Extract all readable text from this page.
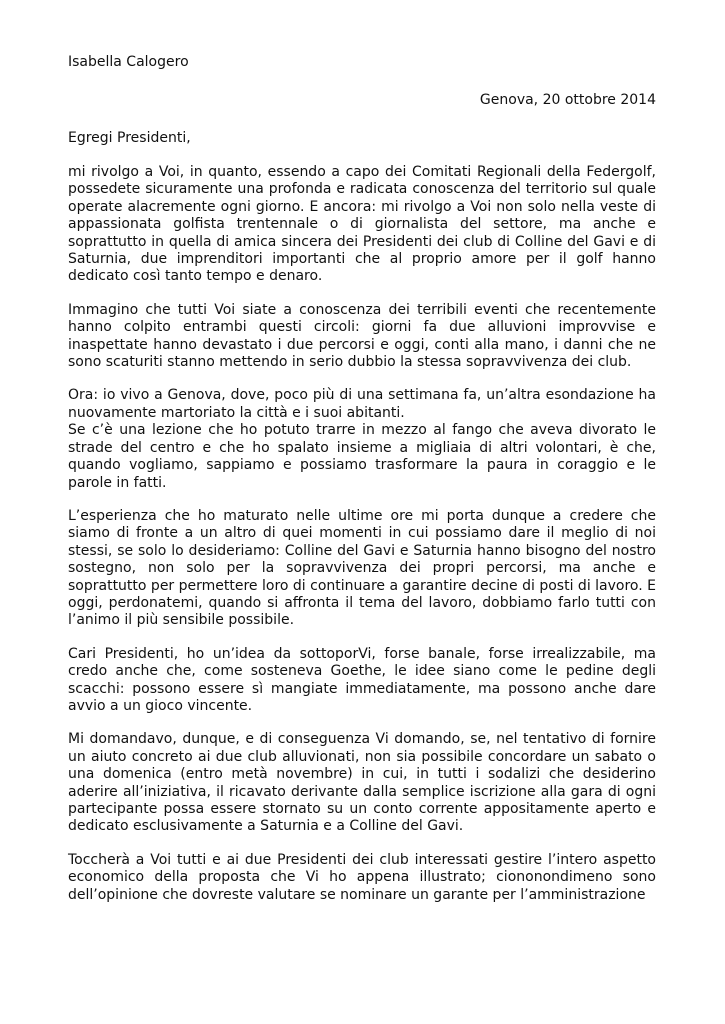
Isabella Calogero

Genova, 20 ottobre 2014

Egregi Presidenti,

mi rivolgo a Voi, in quanto, essendo a capo dei Comitati Regionali della Federgolf, possedete sicuramente una profonda e radicata conoscenza del territorio sul quale operate alacremente ogni giorno. E ancora: mi rivolgo a Voi non solo nella veste di appassionata golfista trentennale o di giornalista del settore, ma anche e soprattutto in quella di amica sincera dei Presidenti dei club di Colline del Gavi e di Saturnia, due imprenditori importanti che al proprio amore per il golf hanno dedicato così tanto tempo e denaro.

Immagino che tutti Voi siate a conoscenza dei terribili eventi che recentemente hanno colpito entrambi questi circoli: giorni fa due alluvioni improvvise e inaspettate hanno devastato i due percorsi e oggi, conti alla mano, i danni che ne sono scaturiti stanno mettendo in serio dubbio la stessa sopravvivenza dei club.

Ora: io vivo a Genova, dove, poco più di una settimana fa, un’altra esondazione ha nuovamente martoriato la città e i suoi abitanti.

Se c’è una lezione che ho potuto trarre in mezzo al fango che aveva divorato le strade del centro e che ho spalato insieme a migliaia di altri volontari, è che, quando vogliamo, sappiamo e possiamo trasformare la paura in coraggio e le parole in fatti.

L’esperienza che ho maturato nelle ultime ore mi porta dunque a credere che siamo di fronte a un altro di quei momenti in cui possiamo dare il meglio di noi stessi, se solo lo desideriamo: Colline del Gavi e Saturnia hanno bisogno del nostro sostegno, non solo per la sopravvivenza dei propri percorsi, ma anche e soprattutto per permettere loro di continuare a garantire decine di posti di lavoro. E oggi, perdonatemi, quando si affronta il tema del lavoro, dobbiamo farlo tutti con l’animo il più sensibile possibile.

Cari Presidenti, ho un’idea da sottoporVi, forse banale, forse irrealizzabile, ma credo anche che, come sosteneva Goethe, le idee siano come le pedine degli scacchi: possono essere sì mangiate immediatamente, ma possono anche dare avvio a un gioco vincente.

Mi domandavo, dunque, e di conseguenza Vi domando, se, nel tentativo di fornire un aiuto concreto ai due club alluvionati, non sia possibile concordare un sabato o una domenica (entro metà novembre) in cui, in tutti i sodalizi che desiderino aderire all’iniziativa, il ricavato derivante dalla semplice iscrizione alla gara di ogni partecipante possa essere stornato su un conto corrente appositamente aperto e dedicato esclusivamente a Saturnia e a Colline del Gavi.

Toccherà a Voi tutti e ai due Presidenti dei club interessati gestire l’intero aspetto economico della proposta che Vi ho appena illustrato; ciononondimeno sono dell’opinione che dovreste valutare se nominare un garante per l’amministrazione
